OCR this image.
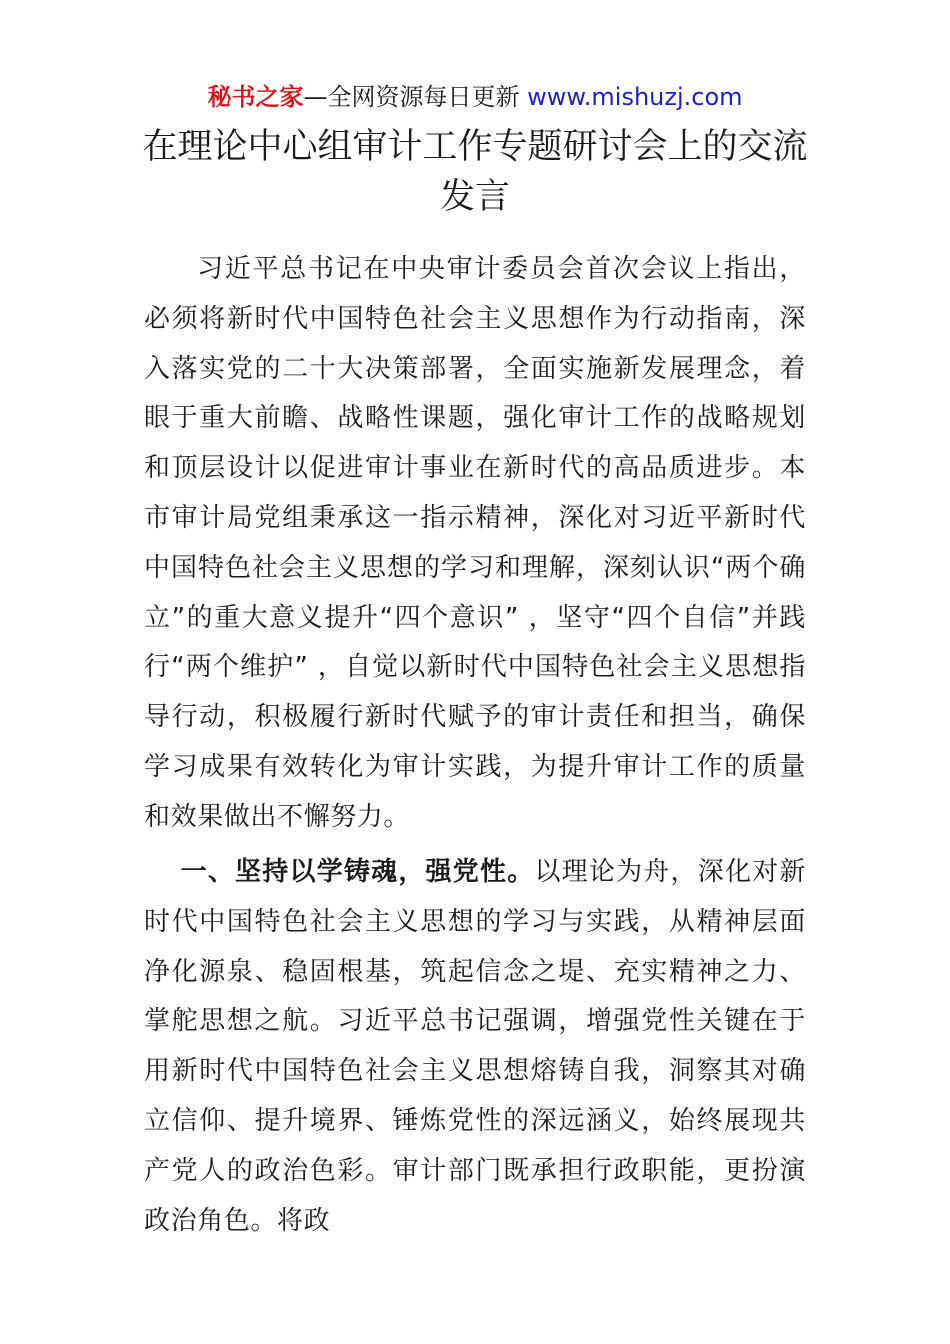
秘书之家—全网资源每日更新 www.mishuzj.com
在理论中心组审计工作专题研讨会上的交流发言

习近平总书记在中央审计委员会首次会议上指出，必须将新时代中国特色社会主义思想作为行动指南，深入落实党的二十大决策部署，全面实施新发展理念，着眼于重大前瞻、战略性课题，强化审计工作的战略规划和顶层设计以促进审计事业在新时代的高品质进步。本市审计局党组秉承这一指示精神，深化对习近平新时代中国特色社会主义思想的学习和理解，深刻认识“两个确立”的重大意义提升“四个意识” ，坚守“四个自信”并践行“两个维护” ，自觉以新时代中国特色社会主义思想指导行动，积极履行新时代赋予的审计责任和担当，确保学习成果有效转化为审计实践，为提升审计工作的质量和效果做出不懈努力。

一、坚持以学铸魂，强党性。以理论为舟，深化对新时代中国特色社会主义思想的学习与实践，从精神层面净化源泉、稳固根基，筑起信念之堤、充实精神之力、掌舵思想之航。习近平总书记强调，增强党性关键在于用新时代中国特色社会主义思想熔铸自我，洞察其对确立信仰、提升境界、锤炼党性的深远涵义，始终展现共产党人的政治色彩。审计部门既承担行政职能，更扮演政治角色。将政
